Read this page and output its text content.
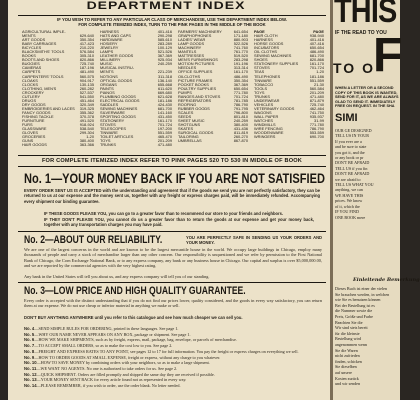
DEPARTMENT INDEX
IF YOU WISH TO REFER TO ANY PARTICULAR CLASS OF MERCHANDISE, USE THE DEPARTMENT INDEX BELOW.
FOR COMPLETE ITEMIZED INDEX, TURN TO THE PINK PAGES IN THE MIDDLE OF THE BOOK
AGRICULTURAL IMPLE-
MENTS	629-640
ART GOODS	350-354
BABY CARRIAGES	417-423
BICYCLES	210-220
BLACKSMITHS' TOOLS	576-584
BOOKS	305-310
BOOTS AND SHOES	820-866
BUGGIES	725-740
CAMERAS	187-196
CARPETS	481-490
CARPENTERS' TOOLS	560-575
CLOAKS	904-917
CLOCKS	130-135
CLOTHING, MEN'S	260-282
CROCKERY	527-537
CUTLERY	541-550
DRUGS	451-464
DRY GOODS	320-349
EMBROIDERIES AND LACES	319-325
FANCY GOODS	355-362
FISHING TACKLE	370-378
FURNITURE	491-520
FURS	918-924
GLASSWARE	538-540
GLOVES	299-304
GROCERIES	1-20
GUNS	380-400
HAIR GOODS	363-366
HARNESS	401-416
HATS AND CAPS	290-298
HARDWARE	585-610
HOSIERY	283-289
JEWELRY	100-129
LAMPS	521-526
LEATHER GOODS	367-369
MILLINERY	925-934
MUSIC	240-259
MUSICAL INSTRU-
MENTS	221-239
NOTIONS	311-318
OPTICAL GOODS	136-140
ORGANS	655-668
PAINTS	611-620
PIANOS	669-680
PLUMBING GOODS	621-628
ELECTRICAL GOODS	181-186
SADDLES	424-430
SEWING MACHINES	681-700
SILVERWARE	141-160
SPORTING GOODS	431-450
STATIONERY	161-170
STOVES	701-724
TELESCOPES	197-200
TINWARE	551-559
TOILET ARTICLES	465-470
TOYS	201-209
TRUNKS	471-480
FARMERS' MACHINERY	641-654
GRAPHOPHONES	171-180
LADIES' WEAR	880-903
LAMP GOODS	522-526
MACHINERY	741-760
MANTELS	761-770
MATTRESSES	519-520
MEN'S FURNISHINGS	283-298
MOTION PICTURES	191-196
NEEDLES	313-314
OFFICE SUPPLIES	161-170
OILCLOTHS	486-490
PICTURE FRAMES	350-354
POCKET BOOKS	367-369
POULTRY SUPPLIES	650-654
PUMPS	771-780
RANGES AND STOVES	701-724
REFRIGERATORS	781-785
ROOFING	786-790
RUBBER GOODS	791-795
SCALES	796-800
SEEDS	801-810
SHEET MUSIC	240-259
SHOTGUNS	380-400
SKATES	431-436
SURGICAL GOODS	811-819
TAILORING	260-270
UMBRELLAS	867-870
PAGE	PAGE
HAIR CLOTH	938-940
HARNESS	401-416
HORSE GOODS	407-416
INCUBATORS	650-654
OIL CLOTHS	486-490
SEWING MACHINES	681-700
SHOES	820-866
STATIONERY SUPPLIES	161-170
STOVES	701-724
TEAS	1-20
TELEPHONES	181-186
TINWARE	551-559
TOBACCO	21-30
TOOLS	560-584
TOYS	201-209
TRUNKS	471-480
UNDERWEAR	871-879
VEHICLES	725-740
VETERINARY GOODS	462-464
WAGONS	741-750
WALL PAPER	935-937
WATCHES	31-99
WINDMILLS	771-780
WIRE FENCING	786-790
WOODENWARE	553-559
WRINGERS	690-700
FOR COMPLETE ITEMIZED INDEX REFER TO PINK PAGES 520 TO 530 IN MIDDLE OF BOOK
No. 1—YOUR MONEY BACK IF YOU ARE NOT SATISFIED
EVERY ORDER SENT US IS ACCEPTED with the understanding and agreement that if the goods we send you are not perfectly satisfactory, they can be returned to us at our expense and the money sent us, together with any freight or express charges paid, will be immediately refunded. Accompanying every shipment our binding guarantee.
IF THESE GOODS PLEASE YOU, you can go to a greater favor than to recommend our store to your friends and neighbors.
IF THEY DON'T PLEASE YOU, you cannot do us a greater favor than to return the goods at our expense and get your money back, together with any transportation charges you may have paid.
No. 2—ABOUT OUR RELIABILITY.	YOU ARE PERFECTLY SAFE IN SENDING US YOUR ORDERS AND YOUR MONEY.
We are one of the largest concerns in the world and are known to be the largest mercantile house in the world. We occupy large buildings in Chicago, employ many thousands of people and carry a stock of merchandise larger than any other concern. Our responsibility is unquestioned and we refer by permission to the First National Bank of Chicago, the Corn Exchange National Bank, or to any express company, any bank or any business house in Chicago. Our capital and surplus is over $5,000,000.00, and we are reported by the commercial agencies with the very highest rating.
Any bank in the United States will tell you about us, and any express company will tell you of our standing.
No. 3—LOW PRICE AND HIGH QUALITY GUARANTEE.
Every order is accepted with the distinct understanding that if you do not find our prices lower, quality considered, and the goods in every way satisfactory, you can return them at our expense. We do not use cheap or inferior material in anything we make or sell.
DON'T BUY ANYTHING ANYWHERE until you refer to this catalogue and see how much cheaper we can sell you.
No. 4—SEND SIMPLE RULES FOR ORDERING, printed in these languages. See page 1.
No. 5—WHY OUR NAME NEVER APPEARS ON ANY BOX, package or shipment. See page 1.
No. 6—HOW WE MAKE SHIPMENTS, such as by freight, express, mail, package, bag, envelope, or parcels of merchandise.
No. 7—TO ACCEPT SMALL ORDERS, so as to make the cost low to you. See page 2.
No. 8—FREIGHT AND EXPRESS RATES TO ANY POINT, see pages 12 to 17 for full information. You pay the freight or express charges on everything we sell.
No. 9—HOW TO ORDER GOODS AT SMALL EXPENSE, freight or express, without any charge to you whatever.
No. 10—HOW TO SAVE MONEY by combining orders with your neighbors, so as to make a large shipment.
No. 11—WE WANT NO AGENTS. No one is authorized to take orders for us. See page 2.
No. 12—QUICK SHIPMENT. Orders are filled promptly and shipped the same day they are received if possible.
No. 13—YOUR MONEY SENT BACK for every article found not as represented in every way.
No. 14—PLEASE REMEMBER, if you wish to order, use the order blank. No letter needed.
THIS
IF THE READ TO YOU
F
TO O
WHEN A LETTER OR A SECOND COPY OF THIS BOOK IS WANTED, SEND FOR IT, AS WE ARE ALWAYS GLAD TO SEND IT. IMMEDIATELY FREE ON REQUEST. IN THE SHA
SIMI
OUR GE DESIGNED
TELL US IN YOUR
If you ever are a
and be sure to state
you got it, and the
or any book or pr
DON'T BE AFRAID
TELL US if you fin
DON'T BE AFRAID
we are afraid to
TELL US WHAT YOU
anything, we can
WE HAVE THIS
prices. We know
of it, which the
IF YOU FIND
ONE BOOK mere
Einleitende Bemerkung
Dieses Buch ist einer der vielen
Sie brauchen werden, in welchen
wie Sie es benutzen können
Bei der Bestellung ist es
die Nummer sowie die
Preis, Größe und Farbe
Beachten Sie die
Wir sind stets bereit
für die kleinste
Bestellung wird
angenommen wenn
Sie die Waren
nicht zufrieden
finden, schicken
Sie dieselben
auf unsere
Kosten zurück
und wir senden
